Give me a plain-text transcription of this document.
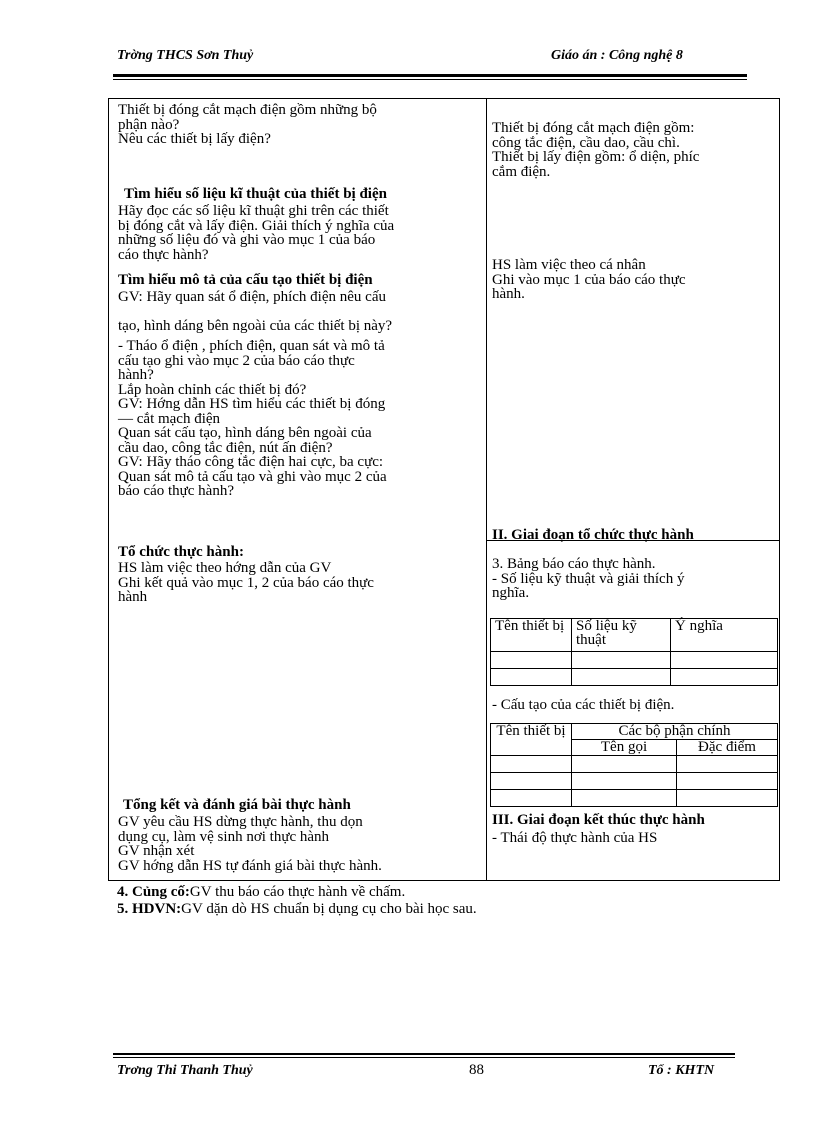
Trờng THCS Sơn Thuỷ	Giáo án : Công nghệ 8
Thiết bị đóng cắt mạch điện gồm những bộ
phận nào?
Nêu các thiết bị lấy điện?
Tìm hiểu số liệu kĩ thuật của thiết bị điện
Hãy đọc các số liệu kĩ thuật ghi trên các thiết
bị đóng cắt và lấy điện. Giải thích ý nghĩa của
những số liệu đó và ghi vào mục 1 của báo
cáo thực hành?
Tìm hiểu mô tả của cấu tạo thiết bị điện
GV: Hãy quan sát ổ điện, phích điện nêu cấu
tạo, hình dáng bên ngoài của các thiết bị này?
- Tháo ổ điện , phích điện, quan sát và mô tả
cấu tạo ghi vào mục 2 của báo cáo thực
hành?
Lắp hoàn chỉnh các thiết bị đó?
GV: Hớng dẫn HS tìm hiểu các thiết bị đóng
— cắt mạch điện
Quan sát cấu tạo, hình dáng bên ngoài của
cầu dao, công tắc điện, nút ấn điện?
GV: Hãy tháo công tắc điện hai cực, ba cực:
Quan sát mô tả cấu tạo và ghi vào mục 2 của
báo cáo thực hành?
Tổ chức thực hành:
HS làm việc theo hớng dẫn của GV
Ghi kết quả vào mục 1, 2 của báo cáo thực
hành
Tổng kết và đánh giá bài thực hành
GV yêu cầu HS dừng thực hành, thu dọn
dụng cụ, làm vệ sinh nơi thực hành
GV nhận xét
GV hớng dẫn HS tự đánh giá bài thực hành.
Thiết bị đóng cắt mạch điện gồm:
công tắc điện, cầu dao, cầu chì.
Thiết bị lấy điện gồm: ổ diện, phíc
cắm điện.
HS làm việc theo cá nhân
Ghi vào mục 1 của báo cáo thực
hành.
II. Giai đoạn tổ chức thực hành
3. Bảng báo cáo thực hành.
- Số liệu kỹ thuật và giải thích ý
nghĩa.
Tên thiết bị	Số liệu kỹ thuật	Ý nghĩa

- Cấu tạo của các thiết bị điện.
Tên thiết bị	Các bộ phận chính	
	Tên gọi	Đặc điểm

III. Giai đoạn kết thúc thực hành
- Thái độ thực hành của HS
4. Củng cố:GV thu báo cáo thực hành về chấm.
5. HDVN:GV dặn dò HS chuẩn bị dụng cụ cho bài học sau.
Trơng Thi Thanh Thuỷ	88	Tổ : KHTN
